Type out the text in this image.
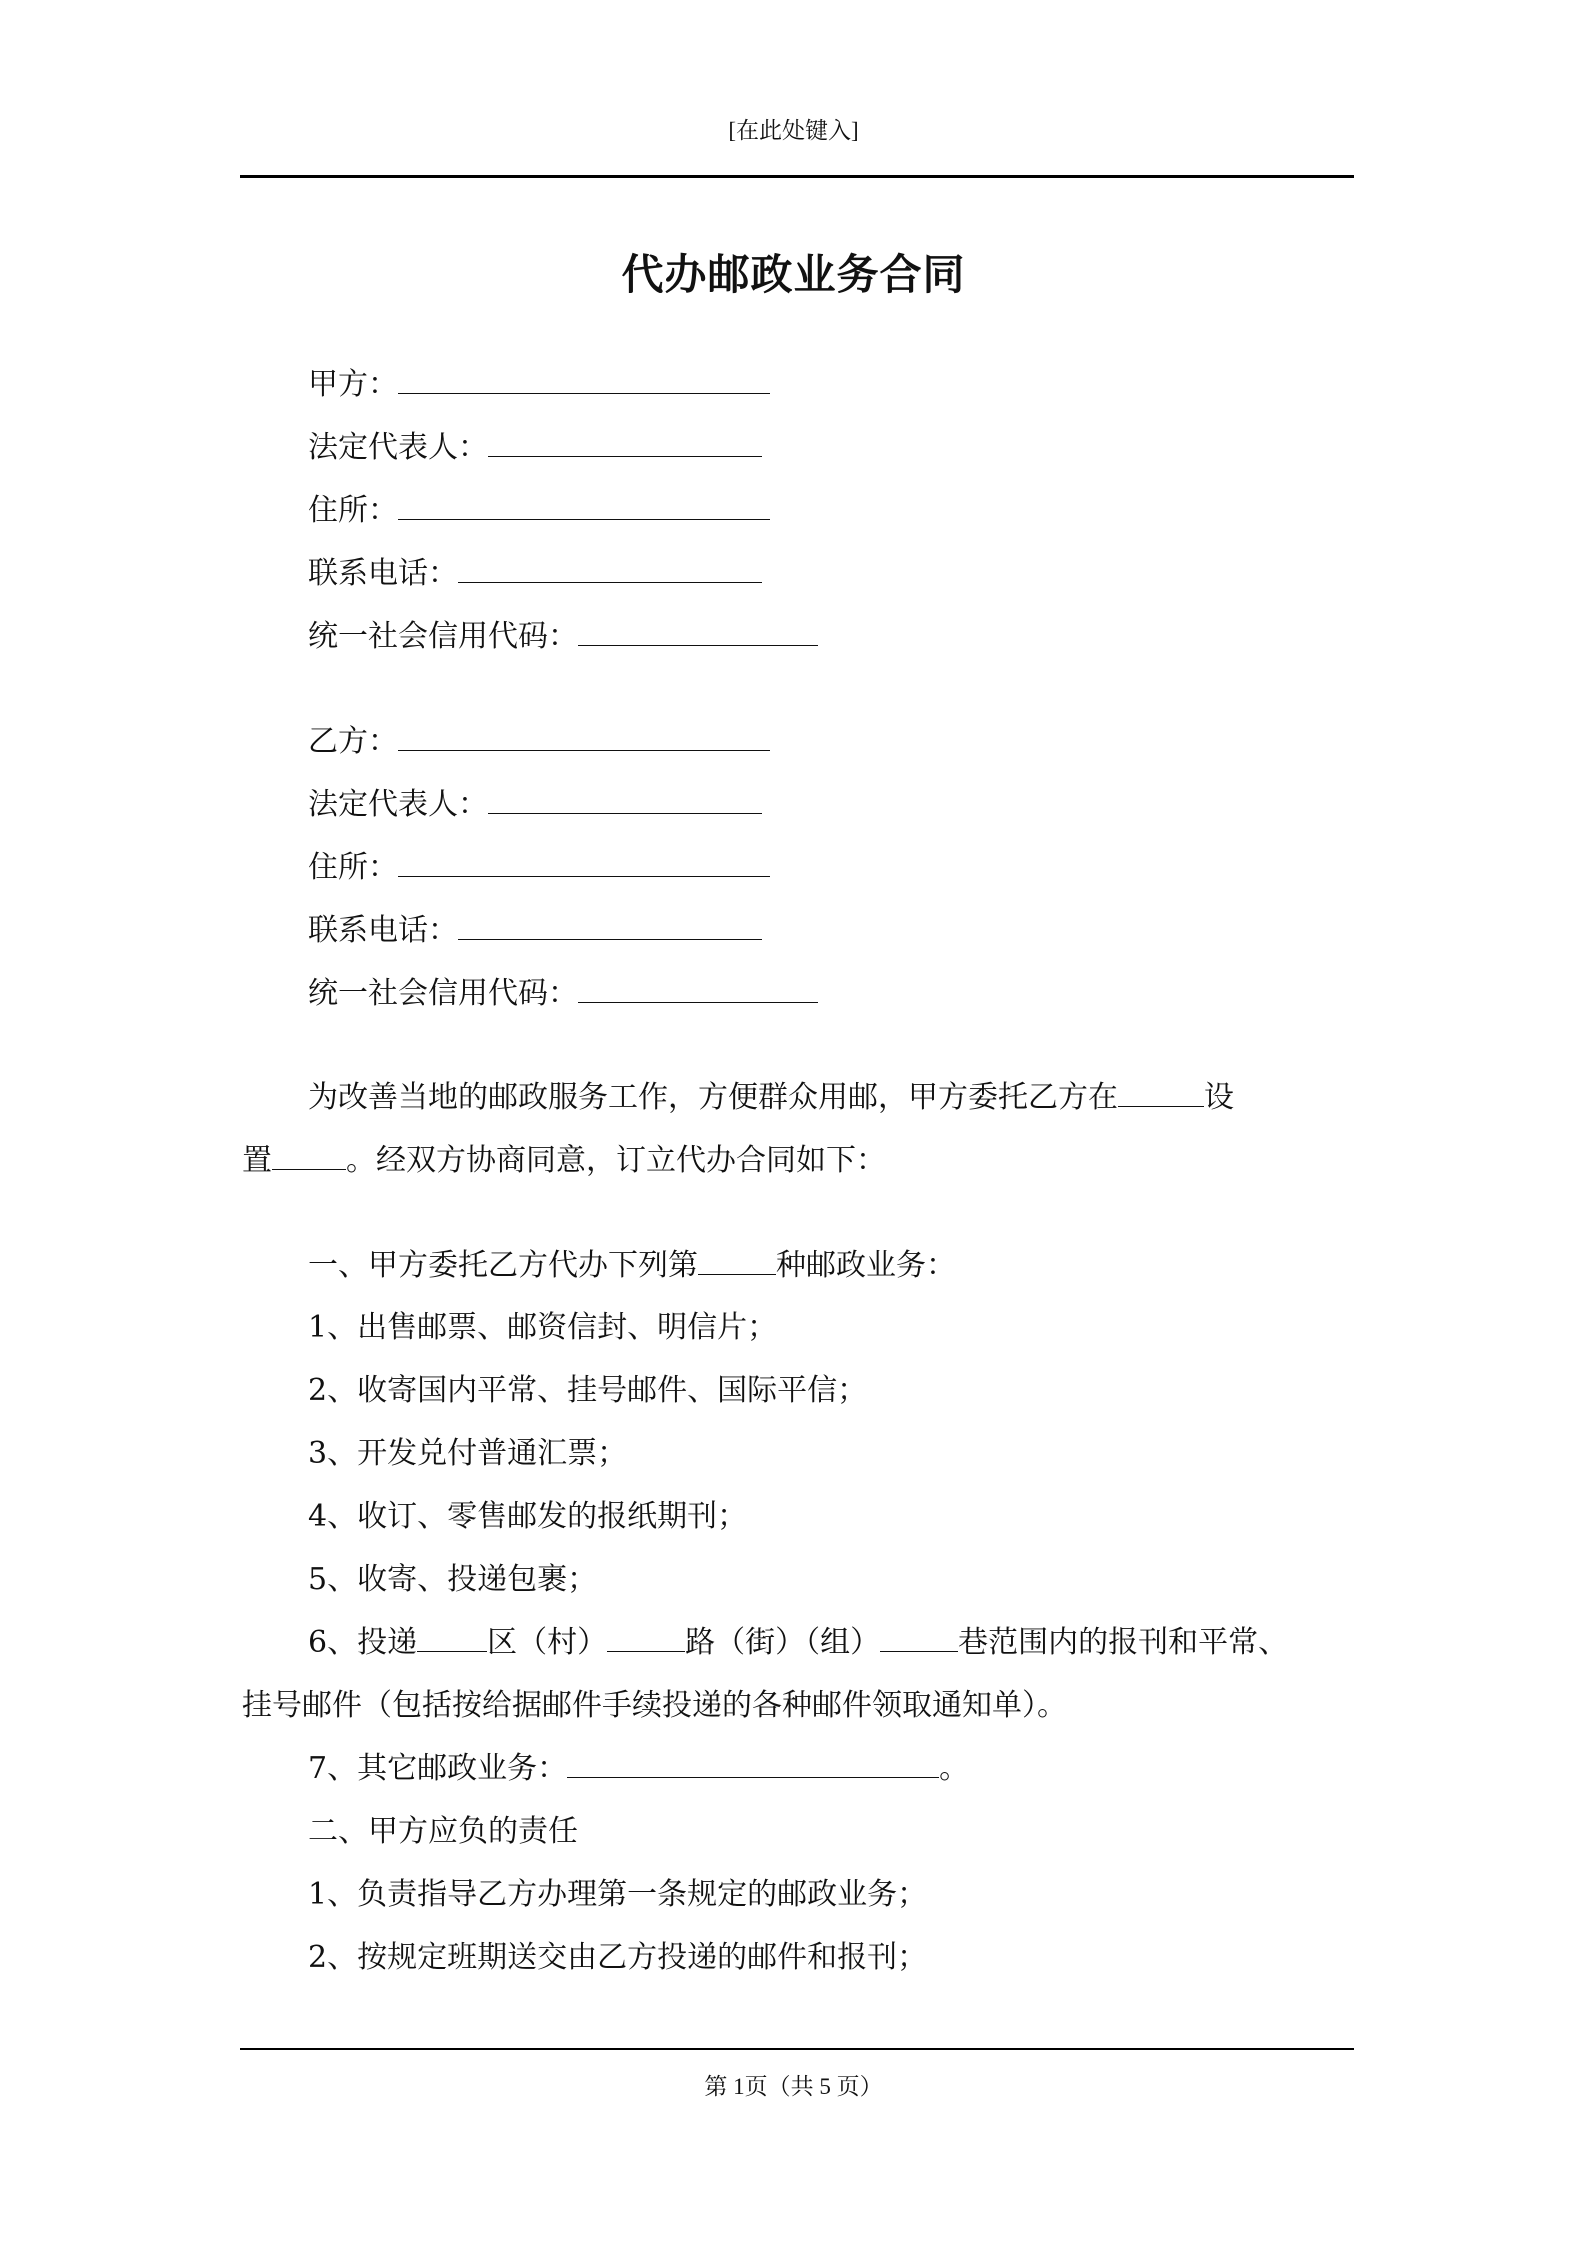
[在此处键入]
代办邮政业务合同
甲方：
法定代表人：
住所：
联系电话：
统一社会信用代码：
乙方：
法定代表人：
住所：
联系电话：
统一社会信用代码：
为改善当地的邮政服务工作，方便群众用邮，甲方委托乙方在	设
置 。经双方协商同意，订立代办合同如下：
一、甲方委托乙方代办下列第	种邮政业务：
1、出售邮票、邮资信封、明信片；
2、收寄国内平常、挂号邮件、国际平信；
3、开发兑付普通汇票；
4、收订、零售邮发的报纸期刊；
5、收寄、投递包裹；
6、投递 区（村）	路（街）（组）	巷范围内的报刊和平常、
挂号邮件（包括按给据邮件手续投递的各种邮件领取通知单）。
7、其它邮政业务：	。
二、甲方应负的责任
1、负责指导乙方办理第一条规定的邮政业务；
2、按规定班期送交由乙方投递的邮件和报刊；
第 1页（共 5 页）
